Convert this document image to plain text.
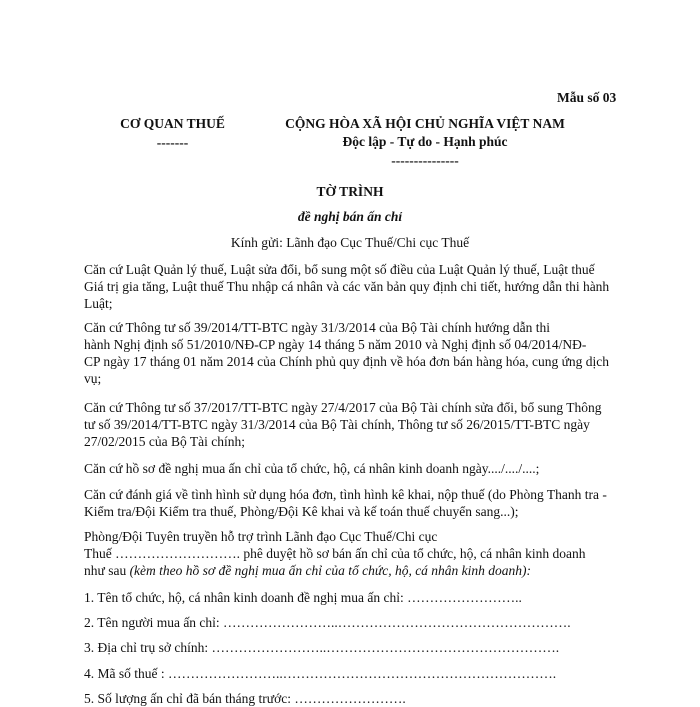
Mẫu số 03
CƠ QUAN THUẾ
-------
CỘNG HÒA XÃ HỘI CHỦ NGHĨA VIỆT NAM
Độc lập - Tự do - Hạnh phúc
---------------
TỜ TRÌNH
đề nghị bán ấn chỉ
Kính gửi: Lãnh đạo Cục Thuế/Chi cục Thuế
Căn cứ Luật Quản lý thuế, Luật sửa đổi, bổ sung một số điều của Luật Quản lý thuế, Luật thuế
Giá trị gia tăng, Luật thuế Thu nhập cá nhân và các văn bản quy định chi tiết, hướng dẫn thi hành
Luật;
Căn cứ Thông tư số 39/2014/TT-BTC ngày 31/3/2014 của Bộ Tài chính hướng dẫn thi
hành Nghị định số 51/2010/NĐ-CP ngày 14 tháng 5 năm 2010 và Nghị định số 04/2014/NĐ-
CP ngày 17 tháng 01 năm 2014 của Chính phủ quy định về hóa đơn bán hàng hóa, cung ứng dịch
vụ;
Căn cứ Thông tư số 37/2017/TT-BTC ngày 27/4/2017 của Bộ Tài chính sửa đổi, bổ sung Thông
tư số 39/2014/TT-BTC ngày 31/3/2014 của Bộ Tài chính, Thông tư số 26/2015/TT-BTC ngày
27/02/2015 của Bộ Tài chính;
Căn cứ hồ sơ đề nghị mua ấn chỉ của tổ chức, hộ, cá nhân kinh doanh ngày..../..../....;
Căn cứ đánh giá về tình hình sử dụng hóa đơn, tình hình kê khai, nộp thuế (do Phòng Thanh tra -
Kiểm tra/Đội Kiểm tra thuế, Phòng/Đội Kê khai và kế toán thuế chuyển sang...);
Phòng/Đội Tuyên truyền hỗ trợ trình Lãnh đạo Cục Thuế/Chi cục
Thuế ………………………. phê duyệt hồ sơ bán ấn chỉ của tổ chức, hộ, cá nhân kinh doanh
như sau (kèm theo hồ sơ đề nghị mua ấn chỉ của tổ chức, hộ, cá nhân kinh doanh):
1. Tên tổ chức, hộ, cá nhân kinh doanh đề nghị mua ấn chỉ: ……………………..
2. Tên người mua ấn chỉ: ……………………..…………………………………………….
3. Địa chỉ trụ sở chính: ……………………..…………………………………………….
4. Mã số thuế : ……………………..…………………………………………………….
5. Số lượng ấn chỉ đã bán tháng trước: …………………….
